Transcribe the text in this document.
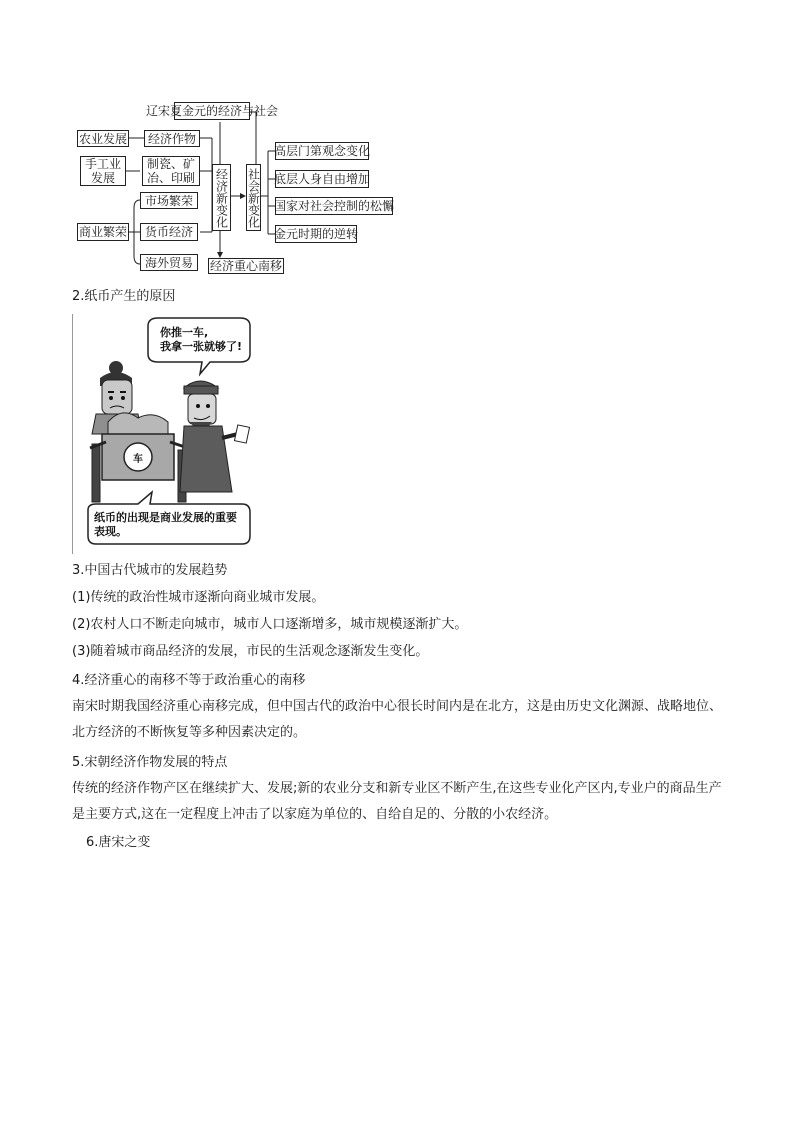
辽宋夏金元的经济与社会
农业发展
手工业
发展
商业繁荣
经济作物
制瓷、矿
冶、印刷
市场繁荣
货币经济
海外贸易
经济新变化 社会新变化
经济重心南移
高层门第观念变化
底层人身自由增加
国家对社会控制的松懈
金元时期的逆转
2.纸币产生的原因
你推一车,
我拿一张就够了!
车
纸币的出现是商业发展的重要
表现。
3.中国古代城市的发展趋势
(1)传统的政治性城市逐渐向商业城市发展。
(2)农村人口不断走向城市，城市人口逐渐增多，城市规模逐渐扩大。
(3)随着城市商品经济的发展，市民的生活观念逐渐发生变化。
4.经济重心的南移不等于政治重心的南移
南宋时期我国经济重心南移完成，但中国古代的政治中心很长时间内是在北方，这是由历史文化渊源、战略地位、北方经济的不断恢复等多种因素决定的。
5.宋朝经济作物发展的特点
传统的经济作物产区在继续扩大、发展;新的农业分支和新专业区不断产生,在这些专业化产区内,专业户的商品生产是主要方式,这在一定程度上冲击了以家庭为单位的、自给自足的、分散的小农经济。
6.唐宋之变
